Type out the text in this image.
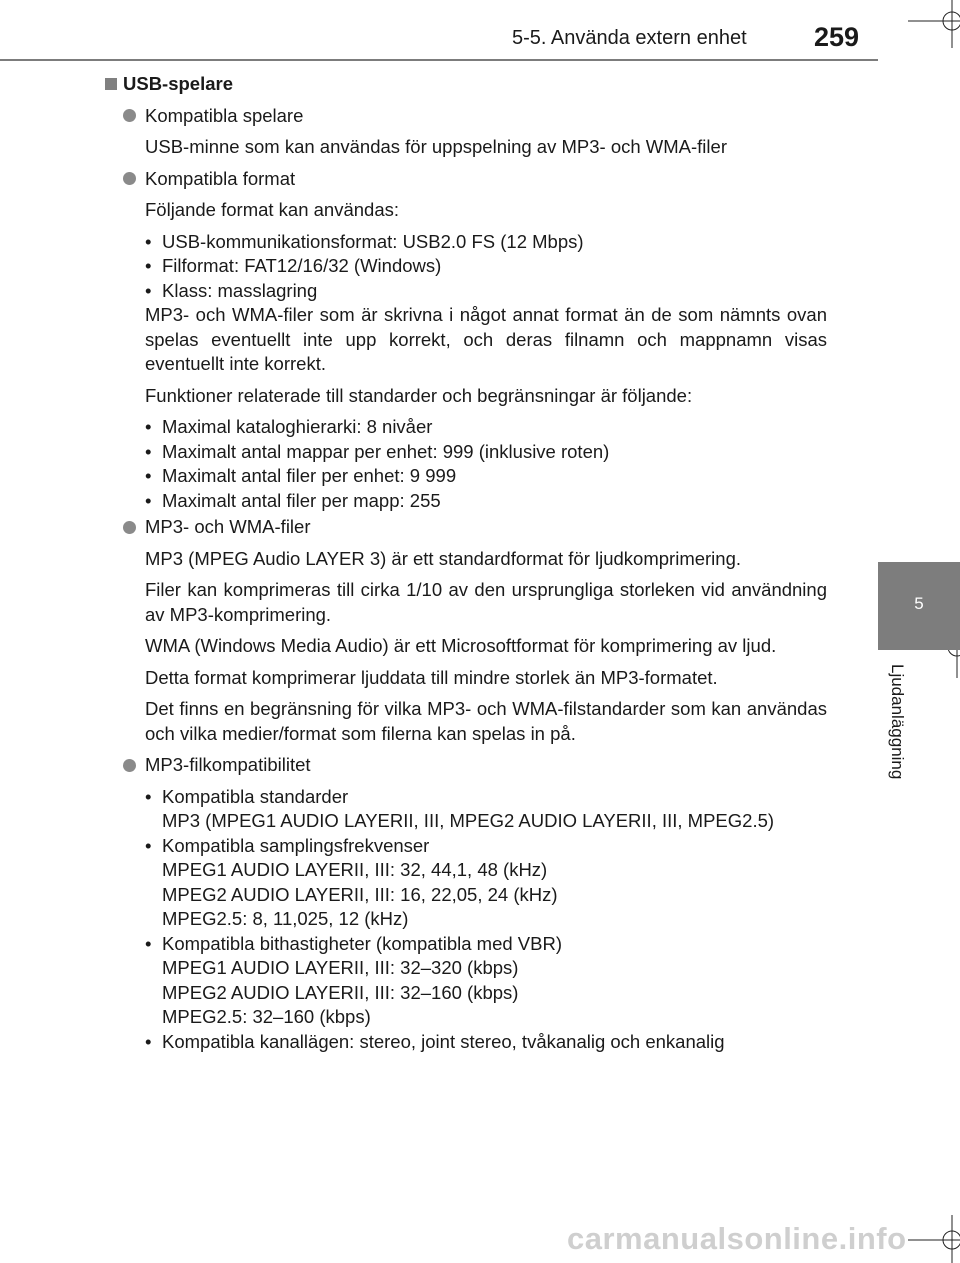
5-5. Använda extern enhet 259
5
Ljudanläggning
USB-spelare
Kompatibla spelare
USB-minne som kan användas för uppspelning av MP3- och WMA-filer
Kompatibla format
Följande format kan användas:
• USB-kommunikationsformat: USB2.0 FS (12 Mbps)
• Filformat: FAT12/16/32 (Windows)
• Klass: masslagring
MP3- och WMA-filer som är skrivna i något annat format än de som nämnts ovan spelas eventuellt inte upp korrekt, och deras filnamn och mappnamn visas eventuellt inte korrekt.
Funktioner relaterade till standarder och begränsningar är följande:
• Maximal kataloghierarki: 8 nivåer
• Maximalt antal mappar per enhet: 999 (inklusive roten)
• Maximalt antal filer per enhet: 9 999
• Maximalt antal filer per mapp: 255
MP3- och WMA-filer
MP3 (MPEG Audio LAYER 3) är ett standardformat för ljudkomprimering.
Filer kan komprimeras till cirka 1/10 av den ursprungliga storleken vid användning av MP3-komprimering.
WMA (Windows Media Audio) är ett Microsoftformat för komprimering av ljud.
Detta format komprimerar ljuddata till mindre storlek än MP3-formatet.
Det finns en begränsning för vilka MP3- och WMA-filstandarder som kan användas och vilka medier/format som filerna kan spelas in på.
MP3-filkompatibilitet
• Kompatibla standarder
MP3 (MPEG1 AUDIO LAYERII, III, MPEG2 AUDIO LAYERII, III, MPEG2.5)
• Kompatibla samplingsfrekvenser
MPEG1 AUDIO LAYERII, III: 32, 44,1, 48 (kHz)
MPEG2 AUDIO LAYERII, III: 16, 22,05, 24 (kHz)
MPEG2.5: 8, 11,025, 12 (kHz)
• Kompatibla bithastigheter (kompatibla med VBR)
MPEG1 AUDIO LAYERII, III: 32–320 (kbps)
MPEG2 AUDIO LAYERII, III: 32–160 (kbps)
MPEG2.5: 32–160 (kbps)
• Kompatibla kanallägen: stereo, joint stereo, tvåkanalig och enkanalig
carmanualsonline.info
